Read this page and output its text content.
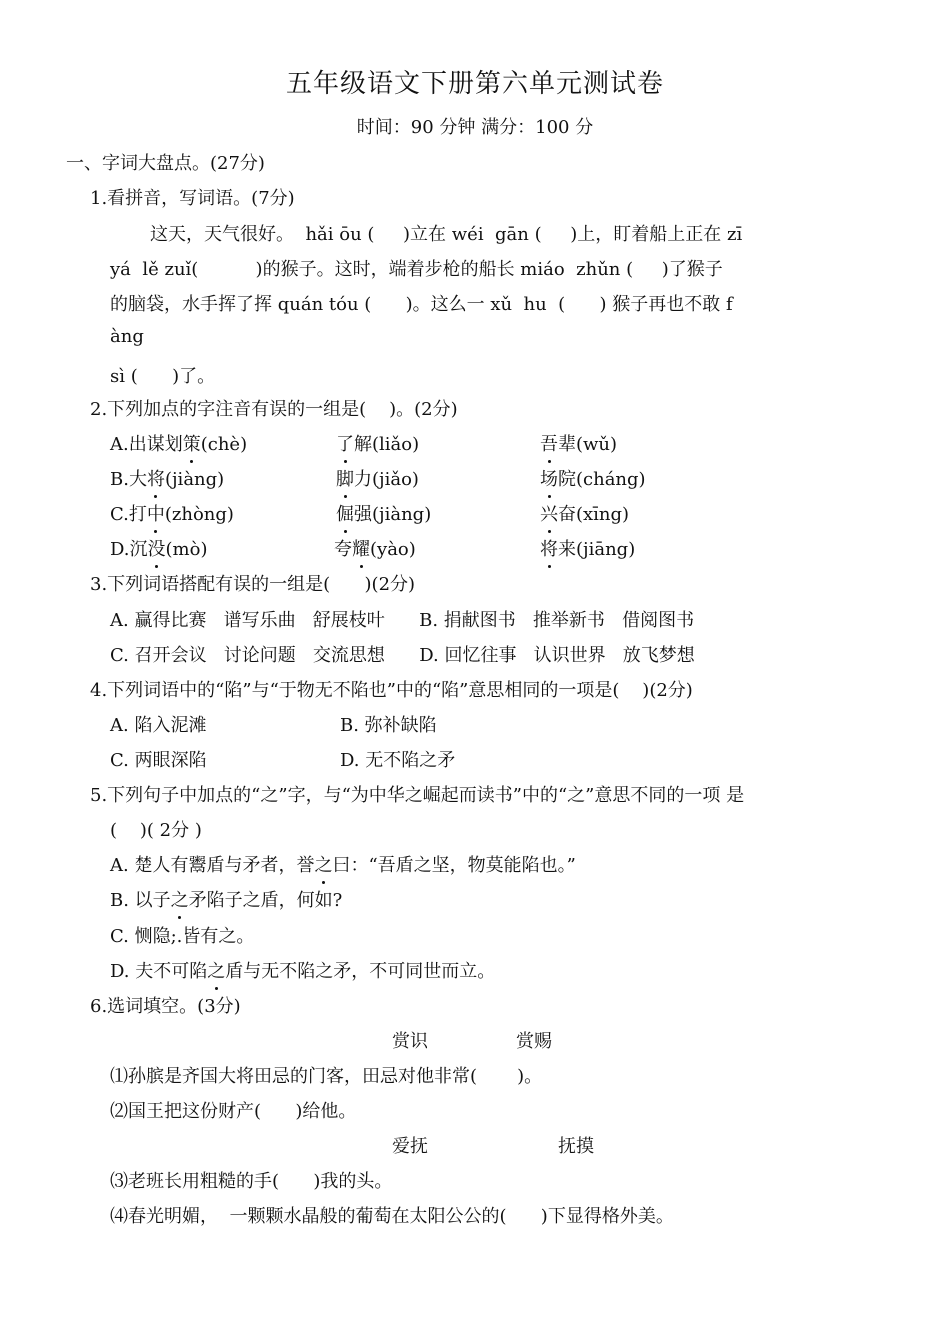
五年级语文下册第六单元测试卷
时间：90 分钟 满分：100 分
一、字词大盘点。(27分)
1.看拼音，写词语。(7分)
这天，天气很好。  hǎi ōu (     )立在 wéi  gān (     )上，盯着船上正在 zī
yá  lě zuǐ(          )的猴子。这时，端着步枪的船长 miáo  zhǔn (     )了猴子
的脑袋，水手挥了挥 quán tóu (      )。这么一 xǔ  hu  (      ) 猴子再也不敢 f
àng
sì (      )了。
2.下列加点的字注音有误的一组是(    )。(2分)
A.出谋划策(chè)	了解(liǎo)	吾辈(wǔ)
B.大将(jiàng)	脚力(jiǎo)	场院(cháng)
C.打中(zhòng)	倔强(jiàng)	兴奋(xīng)
D.沉没(mò)	夸耀(yào)	将来(jiāng)
3.下列词语搭配有误的一组是(      )(2分)
A. 赢得比赛   谱写乐曲   舒展枝叶      B. 捐献图书   推举新书   借阅图书
C. 召开会议   讨论问题   交流思想      D. 回忆往事   认识世界   放飞梦想
4.下列词语中的“陷”与“于物无不陷也”中的“陷”意思相同的一项是(    )(2分)
A. 陷入泥滩	B. 弥补缺陷
C. 两眼深陷	D. 无不陷之矛
5.下列句子中加点的“之”字，与“为中华之崛起而读书”中的“之”意思不同的一项 是
(    )( 2分 )
A. 楚人有鬻盾与矛者，誉之曰：“吾盾之坚，物莫能陷也。”
B. 以子之矛陷子之盾，何如?
C. 恻隐;.皆有之。
D. 夫不可陷之盾与无不陷之矛，不可同世而立。
6.选词填空。(3分)
赏识	赏赐
⑴孙膑是齐国大将田忌的门客，田忌对他非常(       )。
⑵国王把这份财产(      )给他。
爱抚	抚摸
⑶老班长用粗糙的手(      )我的头。
⑷春光明媚，  一颗颗水晶般的葡萄在太阳公公的(      )下显得格外美。
